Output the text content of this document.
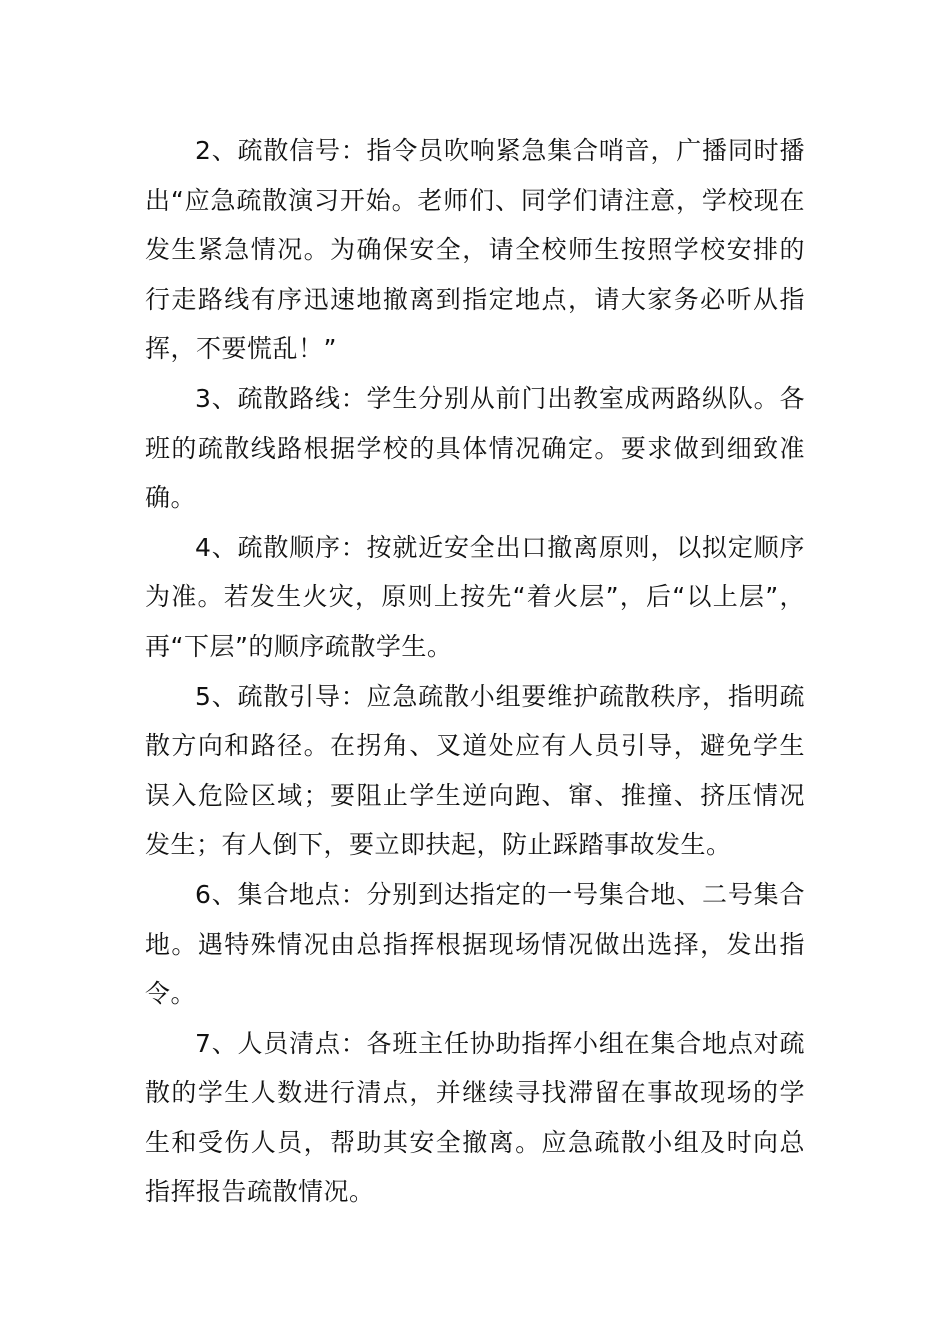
2、疏散信号：指令员吹响紧急集合哨音，广播同时播出“应急疏散演习开始。老师们、同学们请注意，学校现在发生紧急情况。为确保安全，请全校师生按照学校安排的行走路线有序迅速地撤离到指定地点，请大家务必听从指挥，不要慌乱！”

3、疏散路线：学生分别从前门出教室成两路纵队。各班的疏散线路根据学校的具体情况确定。要求做到细致准确。

4、疏散顺序：按就近安全出口撤离原则，以拟定顺序为准。若发生火灾，原则上按先“着火层”，后“以上层”，再“下层”的顺序疏散学生。

5、疏散引导：应急疏散小组要维护疏散秩序，指明疏散方向和路径。在拐角、叉道处应有人员引导，避免学生误入危险区域；要阻止学生逆向跑、窜、推撞、挤压情况发生；有人倒下，要立即扶起，防止踩踏事故发生。

6、集合地点：分别到达指定的一号集合地、二号集合地。遇特殊情况由总指挥根据现场情况做出选择，发出指令。

7、人员清点：各班主任协助指挥小组在集合地点对疏散的学生人数进行清点，并继续寻找滞留在事故现场的学生和受伤人员，帮助其安全撤离。应急疏散小组及时向总指挥报告疏散情况。
